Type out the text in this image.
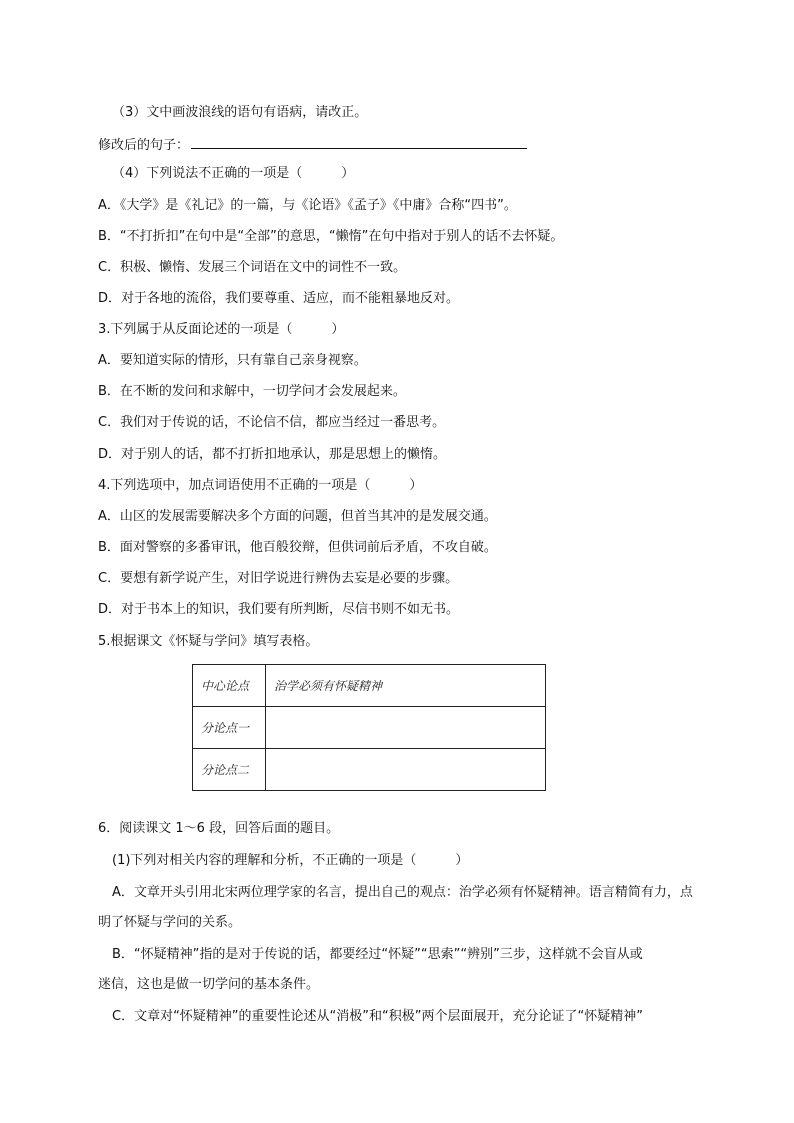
（3）文中画波浪线的语句有语病，请改正。
修改后的句子：
（4）下列说法不正确的一项是（　　　）
A．《大学》是《礼记》的一篇，与《论语》《孟子》《中庸》合称“四书”。
B．“不打折扣”在句中是“全部”的意思，“懒惰”在句中指对于别人的话不去怀疑。
C．积极、懒惰、发展三个词语在文中的词性不一致。
D．对于各地的流俗，我们要尊重、适应，而不能粗暴地反对。
3.下列属于从反面论述的一项是（　　　）
A．要知道实际的情形，只有靠自己亲身视察。
B．在不断的发问和求解中，一切学问才会发展起来。
C．我们对于传说的话，不论信不信，都应当经过一番思考。
D．对于别人的话，都不打折扣地承认，那是思想上的懒惰。
4.下列选项中，加点词语使用不正确的一项是（　　　）
A．山区的发展需要解决多个方面的问题，但首当其冲的是发展交通。
B．面对警察的多番审讯，他百般狡辩，但供词前后矛盾，不攻自破。
C．要想有新学说产生，对旧学说进行辨伪去妄是必要的步骤。
D．对于书本上的知识，我们要有所判断，尽信书则不如无书。
5.根据课文《怀疑与学问》填写表格。
中心论点	治学必须有怀疑精神
分论点一	
分论点二	
6．阅读课文 1～6 段，回答后面的题目。
(1)下列对相关内容的理解和分析，不正确的一项是（　　　）
A．文章开头引用北宋两位理学家的名言，提出自己的观点：治学必须有怀疑精神。语言精简有力，点
明了怀疑与学问的关系。
B．“怀疑精神”指的是对于传说的话，都要经过“怀疑”“思索”“辨别”三步，这样就不会盲从或
迷信，这也是做一切学问的基本条件。
C．文章对“怀疑精神”的重要性论述从“消极”和“积极”两个层面展开，充分论证了“怀疑精神”
